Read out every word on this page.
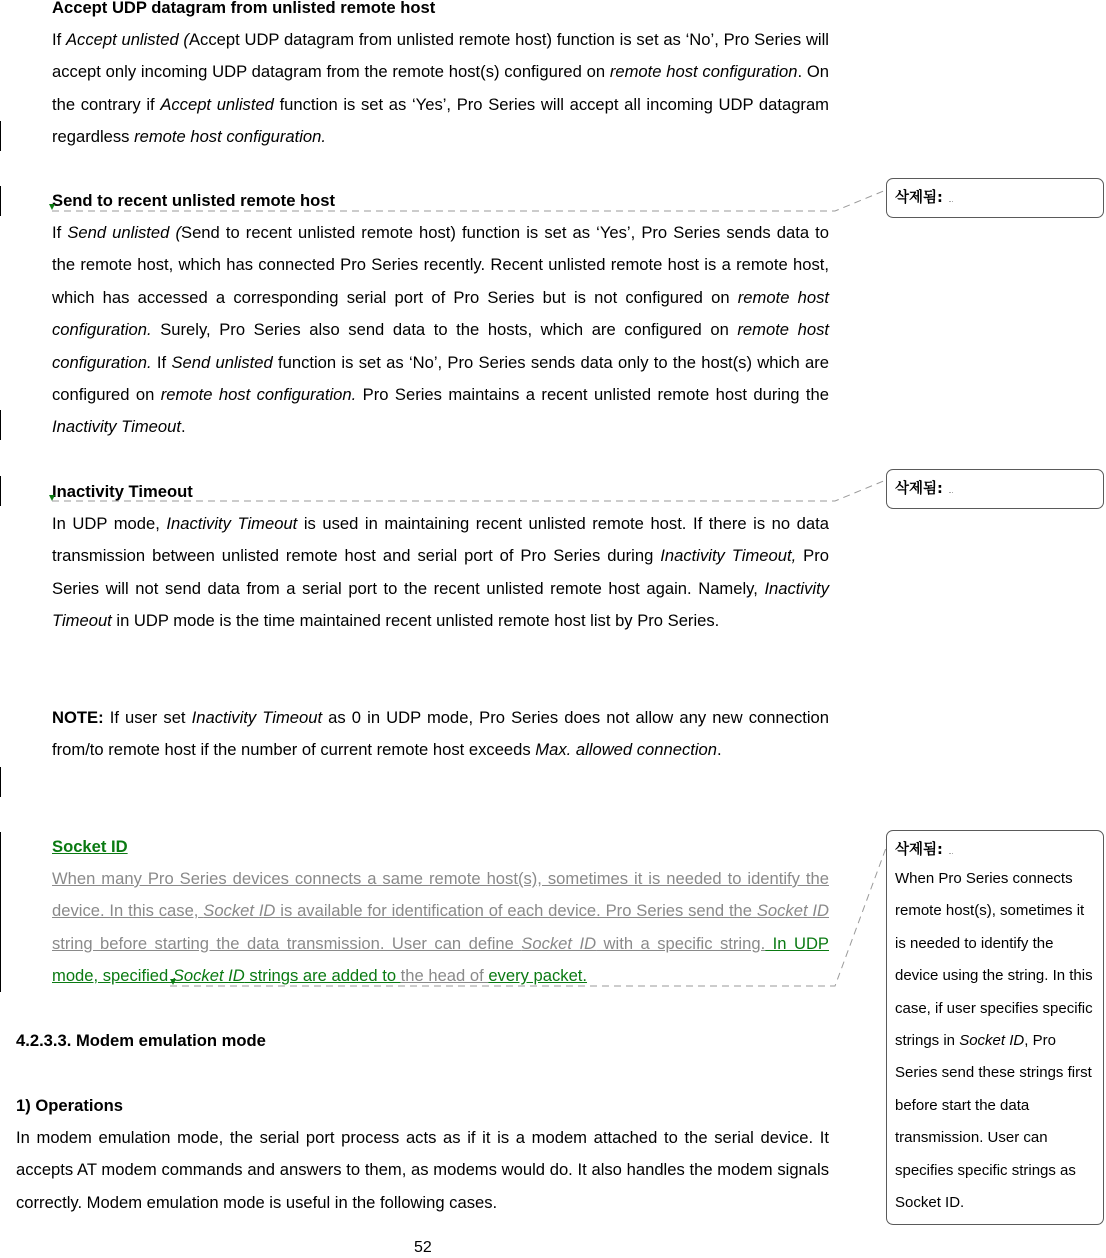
Accept UDP datagram from unlisted remote host
If Accept unlisted (Accept UDP datagram from unlisted remote host) function is set as ‘No’, Pro Series will accept only incoming UDP datagram from the remote host(s) configured on remote host configuration. On the contrary if Accept unlisted function is set as ‘Yes’, Pro Series will accept all incoming UDP datagram regardless remote host configuration.
Send to recent unlisted remote host
If Send unlisted (Send to recent unlisted remote host) function is set as ‘Yes’, Pro Series sends data to the remote host, which has connected Pro Series recently. Recent unlisted remote host is a remote host, which has accessed a corresponding serial port of Pro Series but is not configured on remote host configuration. Surely, Pro Series also send data to the hosts, which are configured on remote host configuration. If Send unlisted function is set as ‘No’, Pro Series sends data only to the host(s) which are configured on remote host configuration. Pro Series maintains a recent unlisted remote host during the Inactivity Timeout.
Inactivity Timeout
In UDP mode, Inactivity Timeout is used in maintaining recent unlisted remote host. If there is no data transmission between unlisted remote host and serial port of Pro Series during Inactivity Timeout, Pro Series will not send data from a serial port to the recent unlisted remote host again. Namely, Inactivity Timeout in UDP mode is the time maintained recent unlisted remote host list by Pro Series.
NOTE: If user set Inactivity Timeout as 0 in UDP mode, Pro Series does not allow any new connection from/to remote host if the number of current remote host exceeds Max. allowed connection.
Socket ID
When many Pro Series devices connects a same remote host(s), sometimes it is needed to identify the device. In this case, Socket ID is available for identification of each device. Pro Series send the Socket ID string before starting the data transmission. User can define Socket ID with a specific string. In UDP mode, specified Socket ID strings are added to the head of every packet.
4.2.3.3. Modem emulation mode
1) Operations
In modem emulation mode, the serial port process acts as if it is a modem attached to the serial device. It accepts AT modem commands and answers to them, as modems would do. It also handles the modem signals correctly. Modem emulation mode is useful in the following cases.
삭제됨:
삭제됨:
삭제됨:
When Pro Series connects remote host(s), sometimes it is needed to identify the device using the string. In this case, if user specifies specific strings in Socket ID, Pro Series send these strings first before start the data transmission. User can specifies specific strings as Socket ID.
52
